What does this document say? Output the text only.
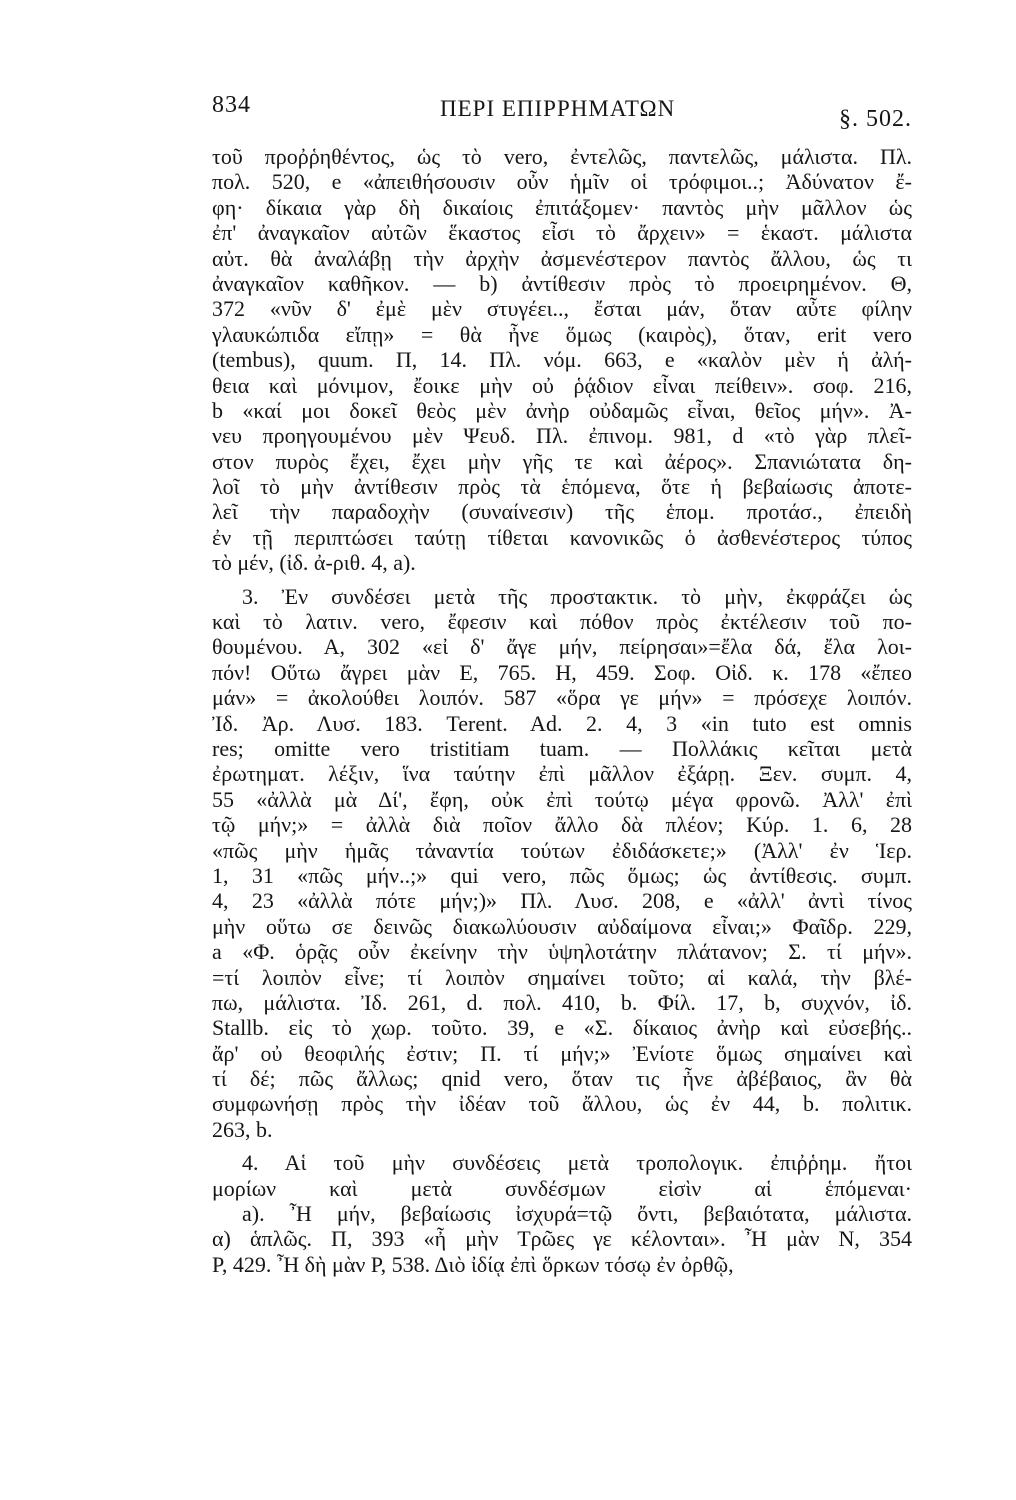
834	ΠΕΡΙ ΕΠΙΡΡΗΜΑΤΩΝ	§. 502.
τοῦ προῤῥηθέντος, ὡς τὸ vero, ἐντελῶς, παντελῶς, μάλιστα. Πλ.
πολ. 520, e «ἀπειθήσουσιν οὖν ἡμῖν οἱ τρόφιμοι..; Ἀδύνατον ἔ-
φη· δίκαια γὰρ δὴ δικαίοις ἐπιτάξομεν· παντὸς μὴν μᾶλλον ὡς
ἐπ' ἀναγκαῖον αὐτῶν ἕκαστος εἶσι τὸ ἄρχειν» = ἑκαστ. μάλιστα
αὐτ. θὰ ἀναλάβῃ τὴν ἀρχὴν ἀσμενέστερον παντὸς ἄλλου, ὡς τι
ἀναγκαῖον καθῆκον. — b) ἀντίθεσιν πρὸς τὸ προειρημένον. Θ,
372 «νῦν δ' ἐμὲ μὲν στυγέει.., ἔσται μάν, ὅταν αὖτε φίλην
γλαυκώπιδα εἴπῃ» = θὰ ἦνε ὅμως (καιρὸς), ὅταν, erit vero
(tembus), quum. Π, 14. Πλ. νόμ. 663, e «καλὸν μὲν ἡ ἀλή-
θεια καὶ μόνιμον, ἔοικε μὴν οὐ ῥᾴδιον εἶναι πείθειν». σοφ. 216,
b «καί μοι δοκεῖ θεὸς μὲν ἀνὴρ οὐδαμῶς εἶναι, θεῖος μήν». Ἀ-
νευ προηγουμένου μὲν Ψευδ. Πλ. ἐπινομ. 981, d «τὸ γὰρ πλεῖ-
στον πυρὸς ἔχει, ἔχει μὴν γῆς τε καὶ ἀέρος». Σπανιώτατα δη-
λοῖ τὸ μὴν ἀντίθεσιν πρὸς τὰ ἑπόμενα, ὅτε ἡ βεβαίωσις ἀποτε-
λεῖ τὴν παραδοχὴν (συναίνεσιν) τῆς ἑπομ. προτάσ., ἐπειδὴ
ἐν τῇ περιπτώσει ταύτῃ τίθεται κανονικῶς ὁ ἀσθενέστερος τύπος
τὸ μέν, (ἰδ. ἀ-ριθ. 4, a).
3. Ἐν συνδέσει μετὰ τῆς προστακτικ. τὸ μὴν, ἐκφράζει ὡς
καὶ τὸ λατιν. vero, ἔφεσιν καὶ πόθον πρὸς ἐκτέλεσιν τοῦ πο-
θουμένου. Α, 302 «εἰ δ' ἄγε μήν, πείρησαι»=ἔλα δά, ἔλα λοι-
πόν! Οὕτω ἄγρει μὰν Ε, 765. Η, 459. Σοφ. Οἰδ. κ. 178 «ἔπεο
μάν» = ἀκολούθει λοιπόν. 587 «ὅρα γε μήν» = πρόσεχε λοιπόν.
Ἰδ. Ἀρ. Λυσ. 183. Terent. Ad. 2. 4, 3 «in tuto est omnis
res; omitte vero tristitiam tuam. — Πολλάκις κεῖται μετὰ
ἐρωτηματ. λέξιν, ἵνα ταύτην ἐπὶ μᾶλλον ἐξάρῃ. Ξεν. συμπ. 4,
55 «ἀλλὰ μὰ Δί', ἔφη, οὐκ ἐπὶ τούτῳ μέγα φρονῶ. Ἀλλ' ἐπὶ
τῷ μήν;» = ἀλλὰ διὰ ποῖον ἄλλο δὰ πλέον; Κύρ. 1. 6, 28
«πῶς μὴν ἡμᾶς τἀναντία τούτων ἐδιδάσκετε;» (Ἀλλ' ἐν Ἱερ.
1, 31 «πῶς μήν..;» qui vero, πῶς ὅμως; ὡς ἀντίθεσις. συμπ.
4, 23 «ἀλλὰ πότε μήν;)» Πλ. Λυσ. 208, e «ἀλλ' ἀντὶ τίνος
μὴν οὕτω σε δεινῶς διακωλύουσιν αὐδαίμονα εἶναι;» Φαῖδρ. 229,
a «Φ. ὁρᾷς οὖν ἐκείνην τὴν ὑψηλοτάτην πλάτανον; Σ. τί μήν».
=τί λοιπὸν εἶνε; τί λοιπὸν σημαίνει τοῦτο; αἱ καλά, τὴν βλέ-
πω, μάλιστα. Ἰδ. 261, d. πολ. 410, b. Φίλ. 17, b, συχνόν, ἰδ.
Stallb. εἰς τὸ χωρ. τοῦτο. 39, e «Σ. δίκαιος ἀνὴρ καὶ εὐσεβής..
ἄρ' οὐ θεοφιλής ἐστιν; Π. τί μήν;» Ἐνίοτε ὅμως σημαίνει καὶ
τί δέ; πῶς ἄλλως; qnid vero, ὅταν τις ἦνε ἀβέβαιος, ἂν θὰ
συμφωνήσῃ πρὸς τὴν ἰδέαν τοῦ ἄλλου, ὡς ἐν 44, b. πολιτικ.
263, b.
4. Αἱ τοῦ μὴν συνδέσεις μετὰ τροπολογικ. ἐπιῤῥημ. ἤτοι
μορίων καὶ μετὰ συνδέσμων εἰσὶν αἱ ἑπόμεναι·
a). Ἦ μήν, βεβαίωσις ἰσχυρά=τῷ ὄντι, βεβαιότατα, μάλιστα.
α) ἁπλῶς. Π, 393 «ἦ μὴν Τρῶες γε κέλονται». Ἦ μὰν Ν, 354
Ρ, 429. Ἦ δὴ μὰν Ρ, 538. Διὸ ἰδίᾳ ἐπὶ ὅρκων τόσῳ ἐν ὀρθῷ,
